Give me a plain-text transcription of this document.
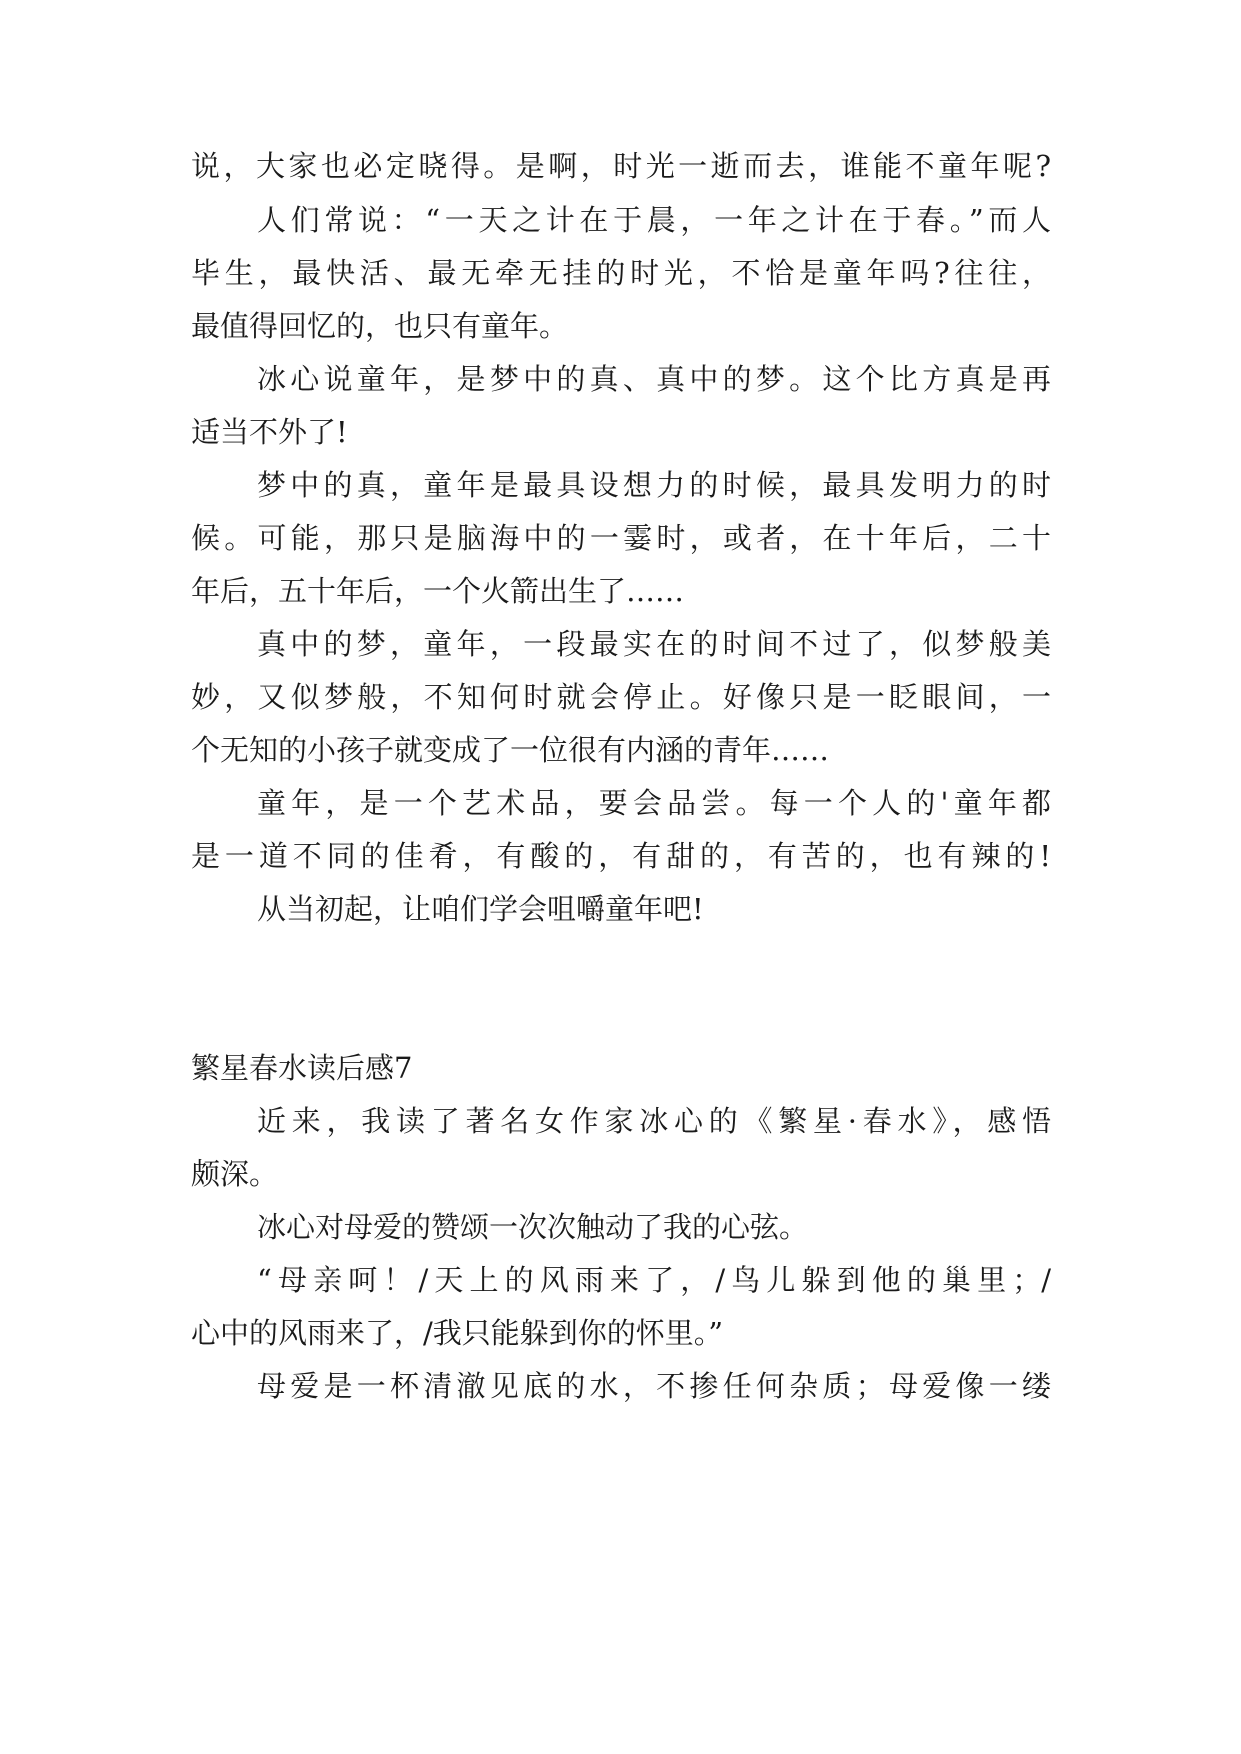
说，大家也必定晓得。是啊，时光一逝而去，谁能不童年呢?
人们常说：“一天之计在于晨，一年之计在于春。”而人
毕生，最快活、最无牵无挂的时光，不恰是童年吗?往往，
最值得回忆的，也只有童年。
冰心说童年，是梦中的真、真中的梦。这个比方真是再
适当不外了!
梦中的真，童年是最具设想力的时候，最具发明力的时
候。可能，那只是脑海中的一霎时，或者，在十年后，二十
年后，五十年后，一个火箭出生了……
真中的梦，童年，一段最实在的时间不过了，似梦般美
妙，又似梦般，不知何时就会停止。好像只是一眨眼间，一
个无知的小孩子就变成了一位很有内涵的青年……
童年，是一个艺术品，要会品尝。每一个人的'童年都
是一道不同的佳肴，有酸的，有甜的，有苦的，也有辣的!
从当初起，让咱们学会咀嚼童年吧!
繁星春水读后感7
近来，我读了著名女作家冰心的《繁星·春水》，感悟
颇深。
冰心对母爱的赞颂一次次触动了我的心弦。
“母亲呵！/天上的风雨来了，/鸟儿躲到他的巢里；/
心中的风雨来了，/我只能躲到你的怀里。”
母爱是一杯清澈见底的水，不掺任何杂质；母爱像一缕
